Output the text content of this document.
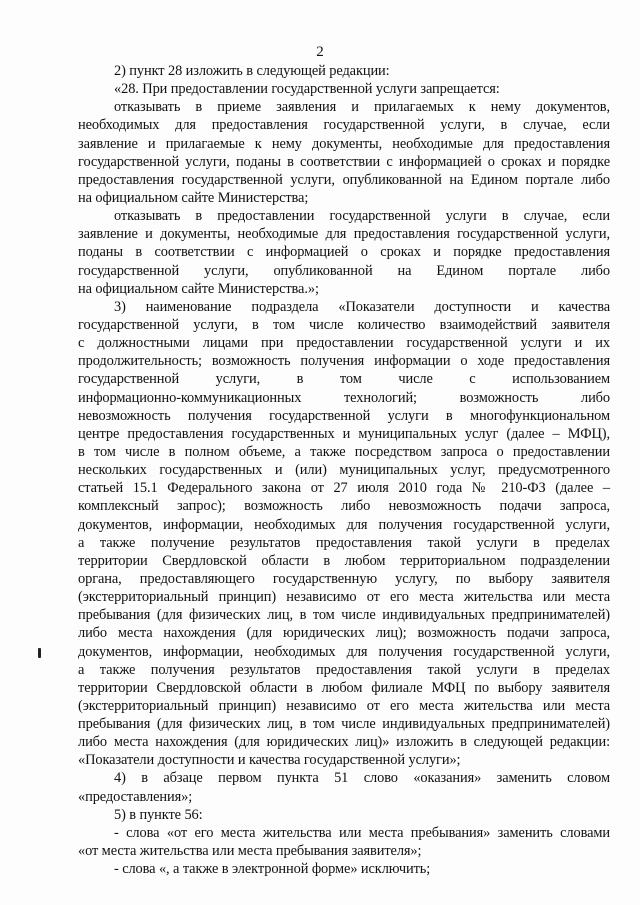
2
2) пункт 28 изложить в следующей редакции:
«28. При предоставлении государственной услуги запрещается:
отказывать в приеме заявления и прилагаемых к нему документов,
необходимых для предоставления государственной услуги, в случае, если
заявление и прилагаемые к нему документы, необходимые для предоставления
государственной услуги, поданы в соответствии с информацией о сроках и порядке
предоставления государственной услуги, опубликованной на Едином портале либо
на официальном сайте Министерства;
отказывать в предоставлении государственной услуги в случае, если
заявление и документы, необходимые для предоставления государственной услуги,
поданы в соответствии с информацией о сроках и порядке предоставления
государственной услуги, опубликованной на Едином портале либо
на официальном сайте Министерства.»;
3) наименование подраздела «Показатели доступности и качества
государственной услуги, в том числе количество взаимодействий заявителя
с должностными лицами при предоставлении государственной услуги и их
продолжительность; возможность получения информации о ходе предоставления
государственной услуги, в том числе с использованием
информационно-коммуникационных технологий; возможность либо
невозможность получения государственной услуги в многофункциональном
центре предоставления государственных и муниципальных услуг (далее – МФЦ),
в том числе в полном объеме, а также посредством запроса о предоставлении
нескольких государственных и (или) муниципальных услуг, предусмотренного
статьей 15.1 Федерального закона от 27 июля 2010 года № 210-ФЗ (далее –
комплексный запрос); возможность либо невозможность подачи запроса,
документов, информации, необходимых для получения государственной услуги,
а также получение результатов предоставления такой услуги в пределах
территории Свердловской области в любом территориальном подразделении
органа, предоставляющего государственную услугу, по выбору заявителя
(экстерриториальный принцип) независимо от его места жительства или места
пребывания (для физических лиц, в том числе индивидуальных предпринимателей)
либо места нахождения (для юридических лиц); возможность подачи запроса,
документов, информации, необходимых для получения государственной услуги,
а также получения результатов предоставления такой услуги в пределах
территории Свердловской области в любом филиале МФЦ по выбору заявителя
(экстерриториальный принцип) независимо от его места жительства или места
пребывания (для физических лиц, в том числе индивидуальных предпринимателей)
либо места нахождения (для юридических лиц)» изложить в следующей редакции:
«Показатели доступности и качества государственной услуги»;
4) в абзаце первом пункта 51 слово «оказания» заменить словом
«предоставления»;
5) в пункте 56:
- слова «от его места жительства или места пребывания» заменить словами
«от места жительства или места пребывания заявителя»;
- слова «, а также в электронной форме» исключить;
